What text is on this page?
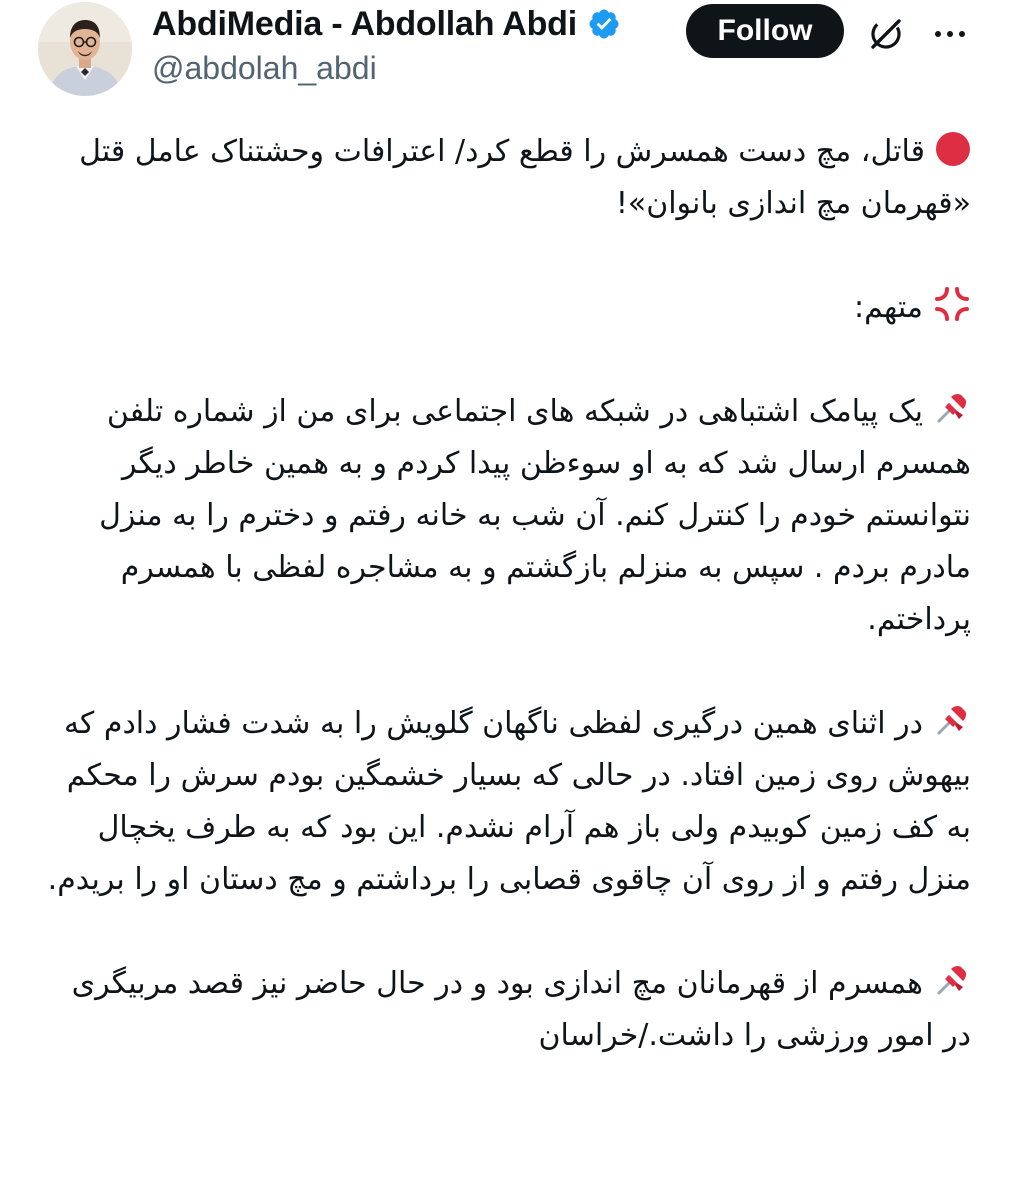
AbdiMedia - Abdollah Abdi
@abdolah_abdi
Follow

قاتل، مچ دست همسرش را قطع کرد/ اعترافات وحشتناک عامل قتل «قهرمان مچ اندازی بانوان»!

متهم:

یک پیامک اشتباهی در شبکه های اجتماعی برای من از شماره تلفن همسرم ارسال شد که به او سوءظن پیدا کردم و به همین خاطر دیگر نتوانستم خودم را کنترل کنم. آن شب به خانه رفتم و دخترم را به منزل مادرم بردم . سپس به منزلم بازگشتم و به مشاجره لفظی با همسرم پرداختم.

در اثنای همین درگیری لفظی ناگهان گلویش را به شدت فشار دادم که بیهوش روی زمین افتاد. در حالی که بسیار خشمگین بودم سرش را محکم به کف زمین کوبیدم ولی باز هم آرام نشدم. این بود که به طرف یخچال منزل رفتم و از روی آن چاقوی قصابی را برداشتم و مچ دستان او را بریدم.

همسرم از قهرمانان مچ اندازی بود و در حال حاضر نیز قصد مربیگری در امور ورزشی را داشت./خراسان
